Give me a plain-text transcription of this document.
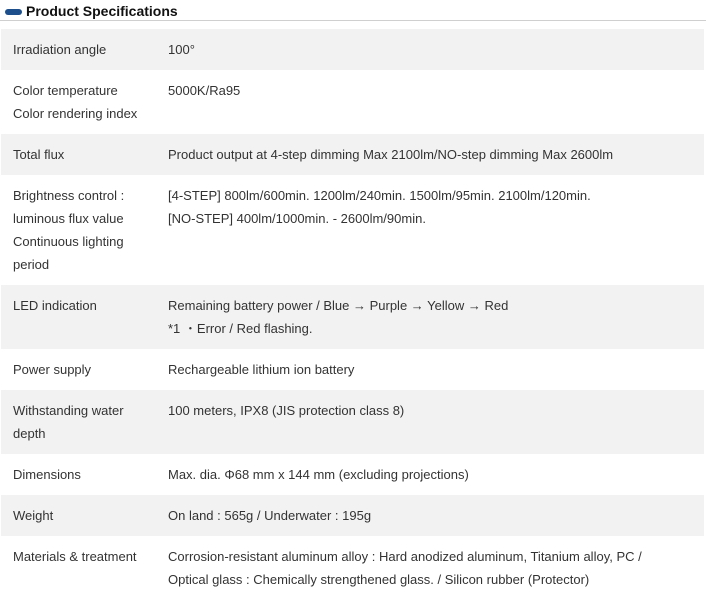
Product Specifications
Irradiation angle	100°

Color temperature
Color rendering index	5000K/Ra95

Total flux	Product output at 4-step dimming Max 2100lm/NO-step dimming Max 2600lm

Brightness control :
luminous flux value
Continuous lighting
period	[4-STEP] 800lm/600min. 1200lm/240min. 1500lm/95min. 2100lm/120min.
[NO-STEP] 400lm/1000min. - 2600lm/90min.

LED indication	Remaining battery power / Blue → Purple → Yellow → Red
*1 ・Error / Red flashing.

Power supply	Rechargeable lithium ion battery

Withstanding water
depth	100 meters, IPX8 (JIS protection class 8)

Dimensions	Max. dia. Φ68 mm x 144 mm (excluding projections)

Weight	On land : 565g / Underwater : 195g

Materials & treatment	Corrosion-resistant aluminum alloy : Hard anodized aluminum, Titanium alloy, PC /
Optical glass : Chemically strengthened glass. / Silicon rubber (Protector)
